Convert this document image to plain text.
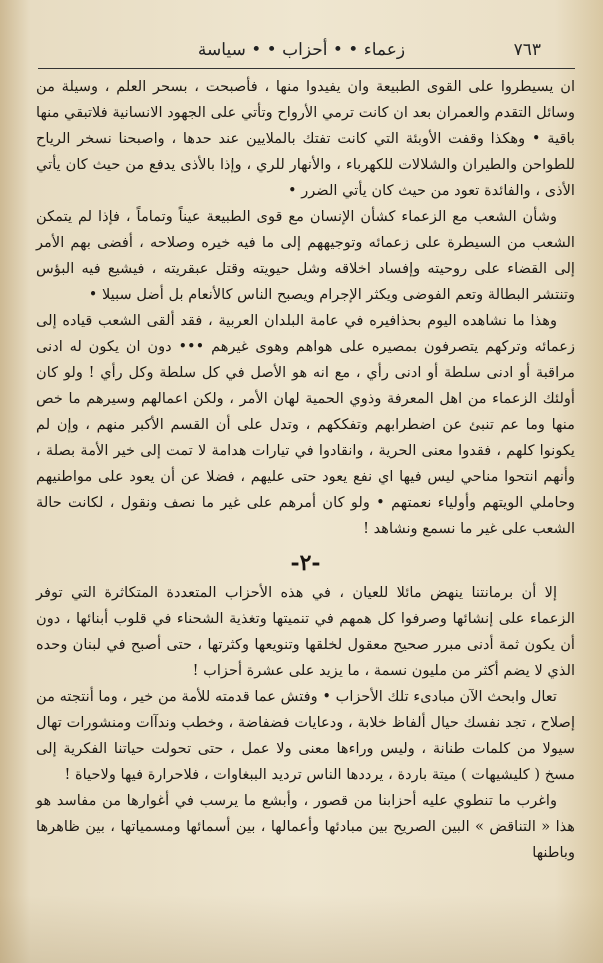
زعماء • • أحزاب • • سياسة	٧٦٣

ان يسيطروا على القوى الطبيعة وان يفيدوا منها ، فأصبحت ، بسحر العلم ، وسيلة من وسائل التقدم والعمران بعد ان كانت ترمي الأرواح وتأتي على الجهود الانسانية فلاتبقي منها باقية • وهكذا وقفت الأوبئة التي كانت تفتك بالملايين عند حدها ، واصبحنا نسخر الرياح للطواحن والطيران والشلالات للكهرباء ، والأنهار للري ، وإذا بالأذى يدفع من حيث كان يأتي الأذى ، والفائدة تعود من حيث كان يأتي الضرر •

وشأن الشعب مع الزعماء كشأن الإنسان مع قوى الطبيعة عيناً وتماماً ، فإذا لم يتمكن الشعب من السيطرة على زعمائه وتوجيههم إلى ما فيه خيره وصلاحه ، أفضى بهم الأمر إلى القضاء على روحيته وإفساد اخلاقه وشل حيويته وقتل عبقريته ، فيشيع فيه البؤس وتنتشر البطالة وتعم الفوضى ويكثر الإجرام ويصبح الناس كالأنعام بل أضل سبيلا •

وهذا ما نشاهده اليوم بحذافيره في عامة البلدان العربية ، فقد ألقى الشعب قياده إلى زعمائه وتركهم يتصرفون بمصيره على هواهم وهوى غيرهم ••• دون ان يكون له ادنى مراقبة أو ادنى سلطة أو ادنى رأي ، مع انه هو الأصل في كل سلطة وكل رأي ! ولو كان أولئك الزعماء من اهل المعرفة وذوي الحمية لهان الأمر ، ولكن اعمالهم وسيرهم ما خص منها وما عم تنبئ عن اضطرابهم وتفككهم ، وتدل على أن القسم الأكبر منهم ، وإن لم يكونوا كلهم ، فقدوا معنى الحرية ، وانقادوا في تيارات هدامة لا تمت إلى خير الأمة بصلة ، وأنهم انتحوا مناحي ليس فيها اي نفع يعود حتى عليهم ، فضلا عن أن يعود على مواطنيهم وحاملي الويتهم وأولياء نعمتهم • ولو كان أمرهم على غير ما نصف ونقول ، لكانت حالة الشعب على غير ما نسمع ونشاهد !

-٢-

إلا أن برمانتنا ينهض مائلا للعيان ، في هذه الأحزاب المتعددة المتكاثرة التي توفر الزعماء على إنشائها وصرفوا كل همهم في تنميتها وتغذية الشحناء في قلوب أبنائها ، دون أن يكون ثمة أدنى مبرر صحيح معقول لخلقها وتنويعها وكثرتها ، حتى أصبح في لبنان وحده الذي لا يضم أكثر من مليون نسمة ، ما يزيد على عشرة أحزاب !

تعال وابحث الآن مبادىء تلك الأحزاب • وفتش عما قدمته للأمة من خير ، وما أنتجته من إصلاح ، تجد نفسك حيال ألفاظ خلابة ، ودعايات فضفاضة ، وخطب وندآات ومنشورات تهال سيولا من كلمات طنانة ، وليس وراءها معنى ولا عمل ، حتى تحولت حياتنا الفكرية إلى مسخ ( كليشيهات ) ميتة باردة ، يرددها الناس ترديد الببغاوات ، فلاحرارة فيها ولاحياة !

واغرب ما تنطوي عليه أحزابنا من قصور ، وأبشع ما يرسب في أغوارها من مفاسد هو هذا « التناقض » البين الصريح بين مبادئها وأعمالها ، بين أسمائها ومسمياتها ، بين ظاهرها وباطنها
